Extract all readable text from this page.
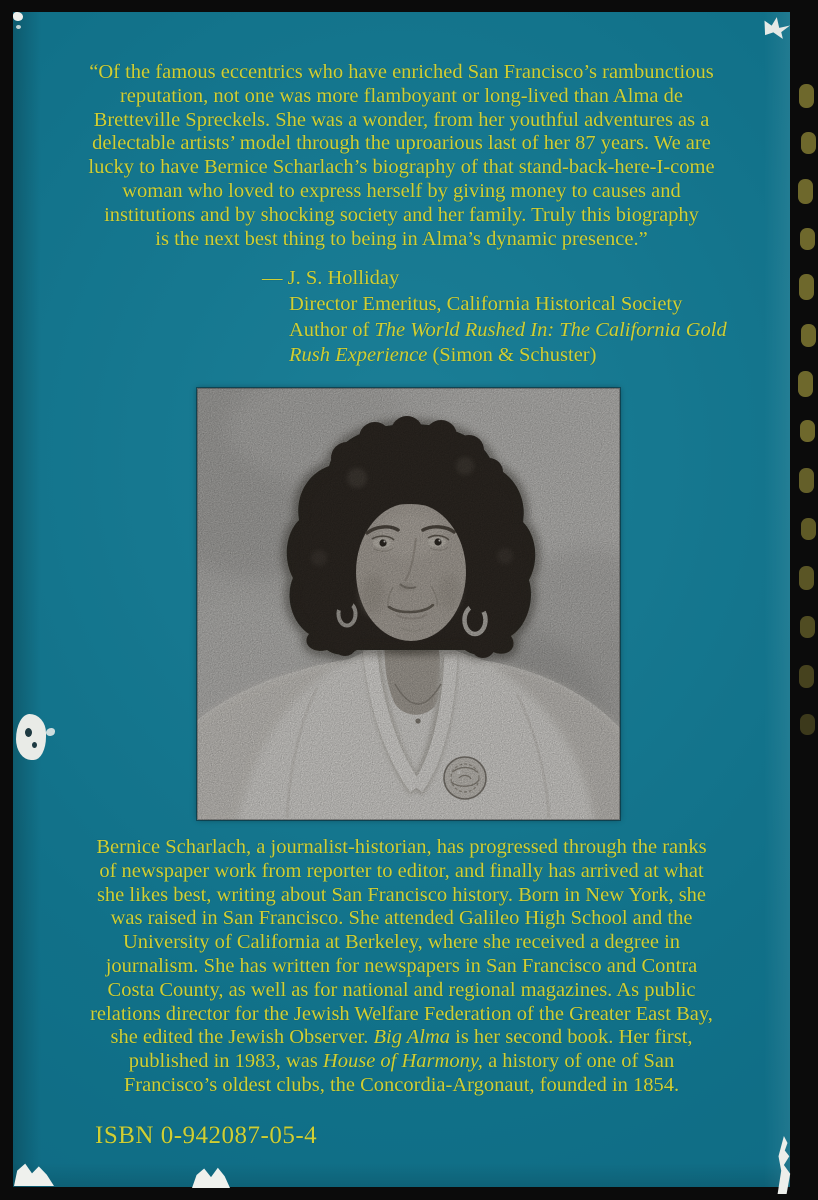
“Of the famous eccentrics who have enriched San Francisco’s rambunctious
reputation, not one was more flamboyant or long-lived than Alma de
Bretteville Spreckels. She was a wonder, from her youthful adventures as a
delectable artists’ model through the uproarious last of her 87 years. We are
lucky to have Bernice Scharlach’s biography of that stand-back-here-I-come
woman who loved to express herself by giving money to causes and
institutions and by shocking society and her family. Truly this biography
is the next best thing to being in Alma’s dynamic presence.”
— J. S. Holliday
Director Emeritus, California Historical Society
Author of The World Rushed In: The California Gold
Rush Experience (Simon & Schuster)
Bernice Scharlach, a journalist-historian, has progressed through the ranks
of newspaper work from reporter to editor, and finally has arrived at what
she likes best, writing about San Francisco history. Born in New York, she
was raised in San Francisco. She attended Galileo High School and the
University of California at Berkeley, where she received a degree in
journalism. She has written for newspapers in San Francisco and Contra
Costa County, as well as for national and regional magazines. As public
relations director for the Jewish Welfare Federation of the Greater East Bay,
she edited the Jewish Observer. Big Alma is her second book. Her first,
published in 1983, was House of Harmony, a history of one of San
Francisco’s oldest clubs, the Concordia-Argonaut, founded in 1854.
ISBN 0-942087-05-4
